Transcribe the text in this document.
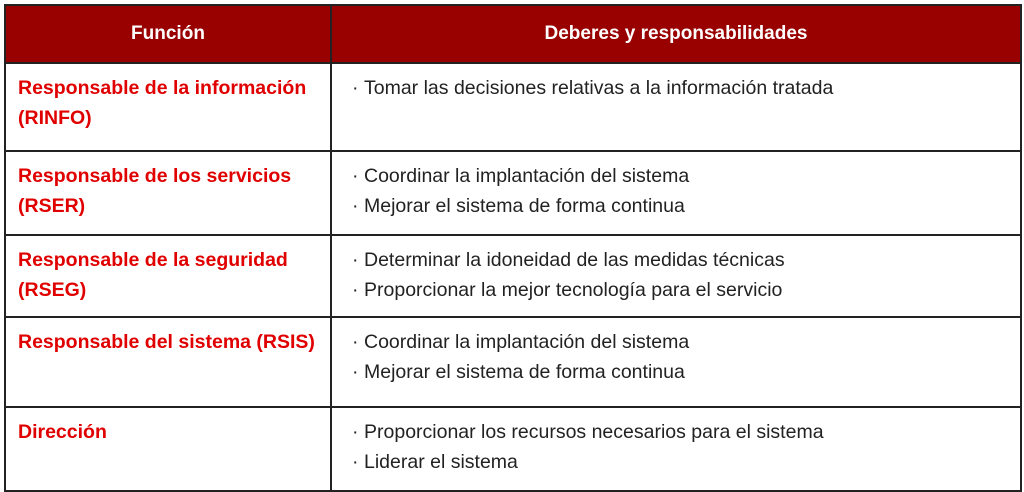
Función	Deberes y responsabilidades
Responsable de la información (RINFO)	· Tomar las decisiones relativas a la información tratada

Responsable de los servicios (RSER)	· Coordinar la implantación del sistema
· Mejorar el sistema de forma continua

Responsable de la seguridad (RSEG)	· Determinar la idoneidad de las medidas técnicas
· Proporcionar la mejor tecnología para el servicio

Responsable del sistema (RSIS)	· Coordinar la implantación del sistema
· Mejorar el sistema de forma continua

Dirección	· Proporcionar los recursos necesarios para el sistema
· Liderar el sistema
